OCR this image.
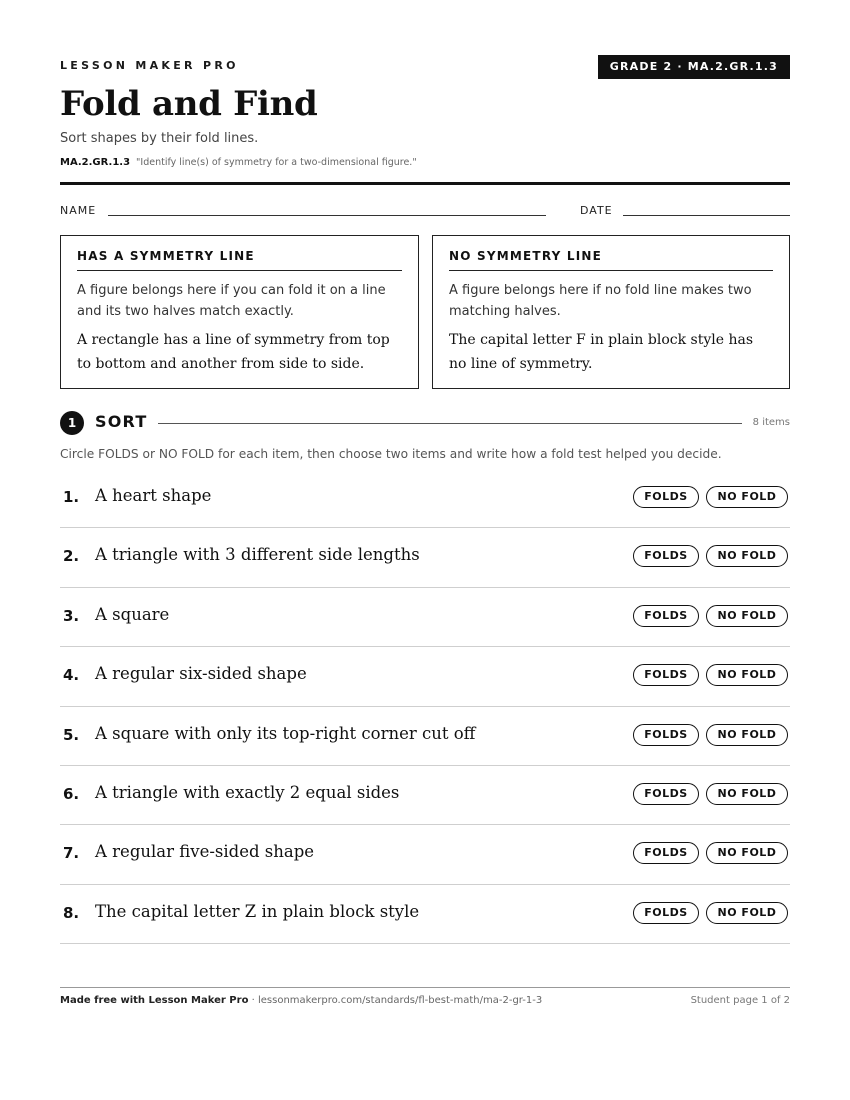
LESSON MAKER PRO	GRADE 2 · MA.2.GR.1.3
Fold and Find
Sort shapes by their fold lines.
MA.2.GR.1.3 "Identify line(s) of symmetry for a two-dimensional figure."
NAME	DATE
HAS A SYMMETRY LINE
A figure belongs here if you can fold it on a line and its two halves match exactly.
A rectangle has a line of symmetry from top to bottom and another from side to side.
NO SYMMETRY LINE
A figure belongs here if no fold line makes two matching halves.
The capital letter F in plain block style has no line of symmetry.
1	SORT	8 items
Circle FOLDS or NO FOLD for each item, then choose two items and write how a fold test helped you decide.
1. A heart shape	FOLDS	NO FOLD
2. A triangle with 3 different side lengths	FOLDS	NO FOLD
3. A square	FOLDS	NO FOLD
4. A regular six-sided shape	FOLDS	NO FOLD
5. A square with only its top-right corner cut off	FOLDS	NO FOLD
6. A triangle with exactly 2 equal sides	FOLDS	NO FOLD
7. A regular five-sided shape	FOLDS	NO FOLD
8. The capital letter Z in plain block style	FOLDS	NO FOLD
Made free with Lesson Maker Pro · lessonmakerpro.com/standards/fl-best-math/ma-2-gr-1-3	Student page 1 of 2
